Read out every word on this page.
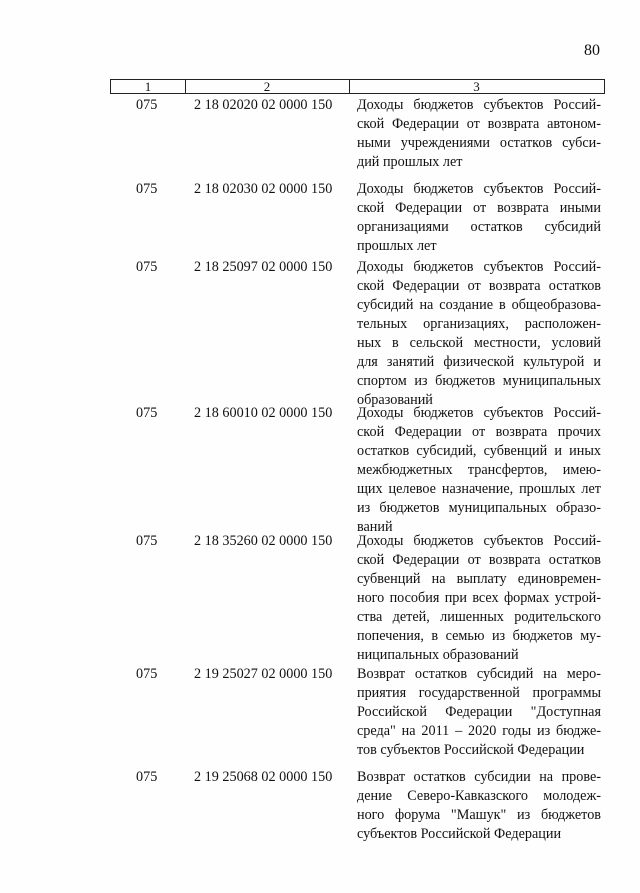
80
1	2	3
075	2 18 02020 02 0000 150 Доходы бюджетов субъектов Россий-
ской Федерации от возврата автоном-
ными учреждениями остатков субси-
дий прошлых лет
075	2 18 02030 02 0000 150 Доходы бюджетов субъектов Россий-
ской Федерации от возврата иными
организациями остатков субсидий
прошлых лет
075	2 18 25097 02 0000 150 Доходы бюджетов субъектов Россий-
ской Федерации от возврата остатков
субсидий на создание в общеобразова-
тельных организациях, расположен-
ных в сельской местности, условий
для занятий физической культурой и
спортом из бюджетов муниципальных
образований
075	2 18 60010 02 0000 150 Доходы бюджетов субъектов Россий-
ской Федерации от возврата прочих
остатков субсидий, субвенций и иных
межбюджетных трансфертов, имею-
щих целевое назначение, прошлых лет
из бюджетов муниципальных образо-
ваний
075	2 18 35260 02 0000 150 Доходы бюджетов субъектов Россий-
ской Федерации от возврата остатков
субвенций на выплату единовремен-
ного пособия при всех формах устрой-
ства детей, лишенных родительского
попечения, в семью из бюджетов му-
ниципальных образований
075	2 19 25027 02 0000 150 Возврат остатков субсидий на меро-
приятия государственной программы
Российской Федерации "Доступная
среда" на 2011 – 2020 годы из бюдже-
тов субъектов Российской Федерации
075	2 19 25068 02 0000 150 Возврат остатков субсидии на прове-
дение Северо-Кавказского молодеж-
ного форума "Машук" из бюджетов
субъектов Российской Федерации
